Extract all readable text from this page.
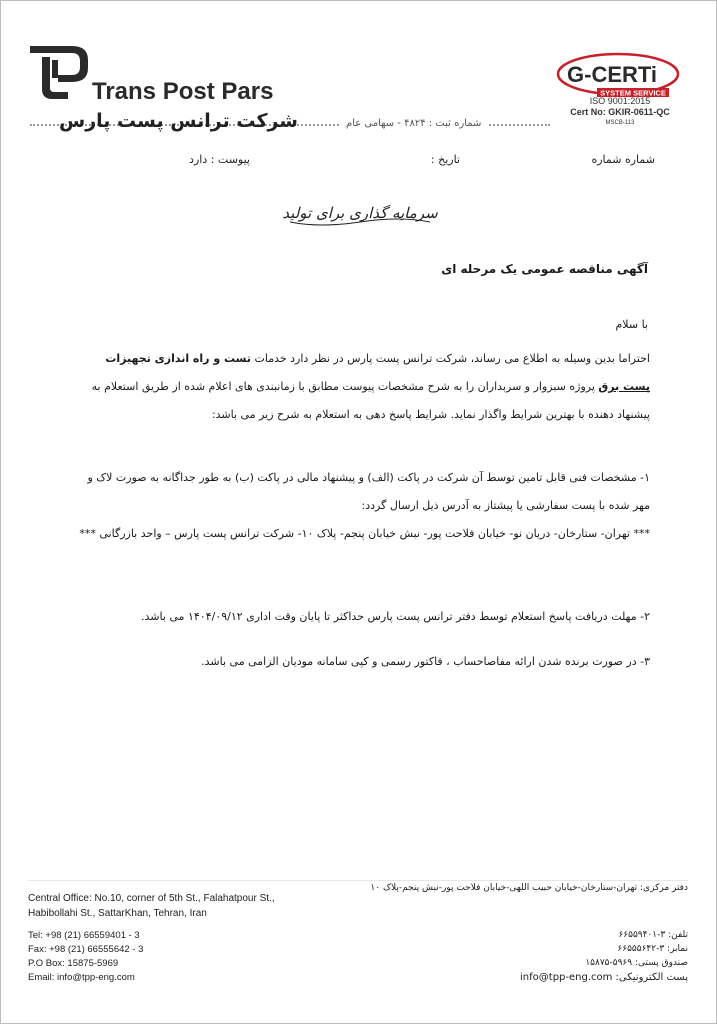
Trans Post Pars
شرکت ترانس پست پارس	شماره ثبت : ۴۸۲۴ - سهامی عام
G-CERTi
SYSTEM SERVICE
ISO 9001:2015
Cert No: GKIR-0611-QC
MSCB-113
شماره شماره
تاریخ :
پیوست : دارد
سرمایه گذاری برای تولید
آگهی مناقصه عمومی یک مرحله ای
با سلام
احتراما بدین وسیله به اطلاع می رساند، شرکت ترانس پست پارس در نظر دارد خدمات تست و راه اندازی تجهیزات پست برق پروژه سبزوار و سربداران را به شرح مشخصات پیوست مطابق با زمانبندی های اعلام شده از طریق استعلام به پیشنهاد دهنده با بهترین شرایط واگذار نماید. شرایط پاسخ دهی به استعلام به شرح زیر می باشد:
۱- مشخصات فنی قابل تامین توسط آن شرکت در پاکت (الف) و پیشنهاد مالی در پاکت (ب) به طور جداگانه به صورت لاک و مهر شده با پست سفارشی یا پیشتاز به آدرس ذیل ارسال گردد:
*** تهران- ستارخان- دریان نو- خیابان فلاحت پور- نبش خیابان پنجم- پلاک ۱۰- شرکت ترانس پست پارس – واحد بازرگانی ***
۲- مهلت دریافت پاسخ استعلام توسط دفتر ترانس پست پارس حداکثر تا پایان وقت اداری ۱۴۰۴/۰۹/۱۲ می باشد.
۳- در صورت برنده شدن ارائه مفاصاحساب ، فاکتور رسمی و کپی سامانه مودیان الزامی می باشد.
Central Office: No.10, corner of 5th St., Falahatpour St.,
Habibollahi St., SattarKhan, Tehran, Iran
Tel: +98 (21) 66559401 - 3
Fax: +98 (21) 66555642 - 3
P.O Box: 15875-5969
Email: info@tpp-eng.com
دفتر مرکزی: تهران-ستارخان-خیابان حبیب اللهی-خیابان فلاحت پور-نبش پنجم-پلاک ۱۰
تلفن: ۳-۶۶۵۵۹۴۰۱
نمابر: ۳-۶۶۵۵۵۶۴۲
صندوق پستی: ۵۹۶۹-۱۵۸۷۵
پست الکترونیکی: info@tpp-eng.com
